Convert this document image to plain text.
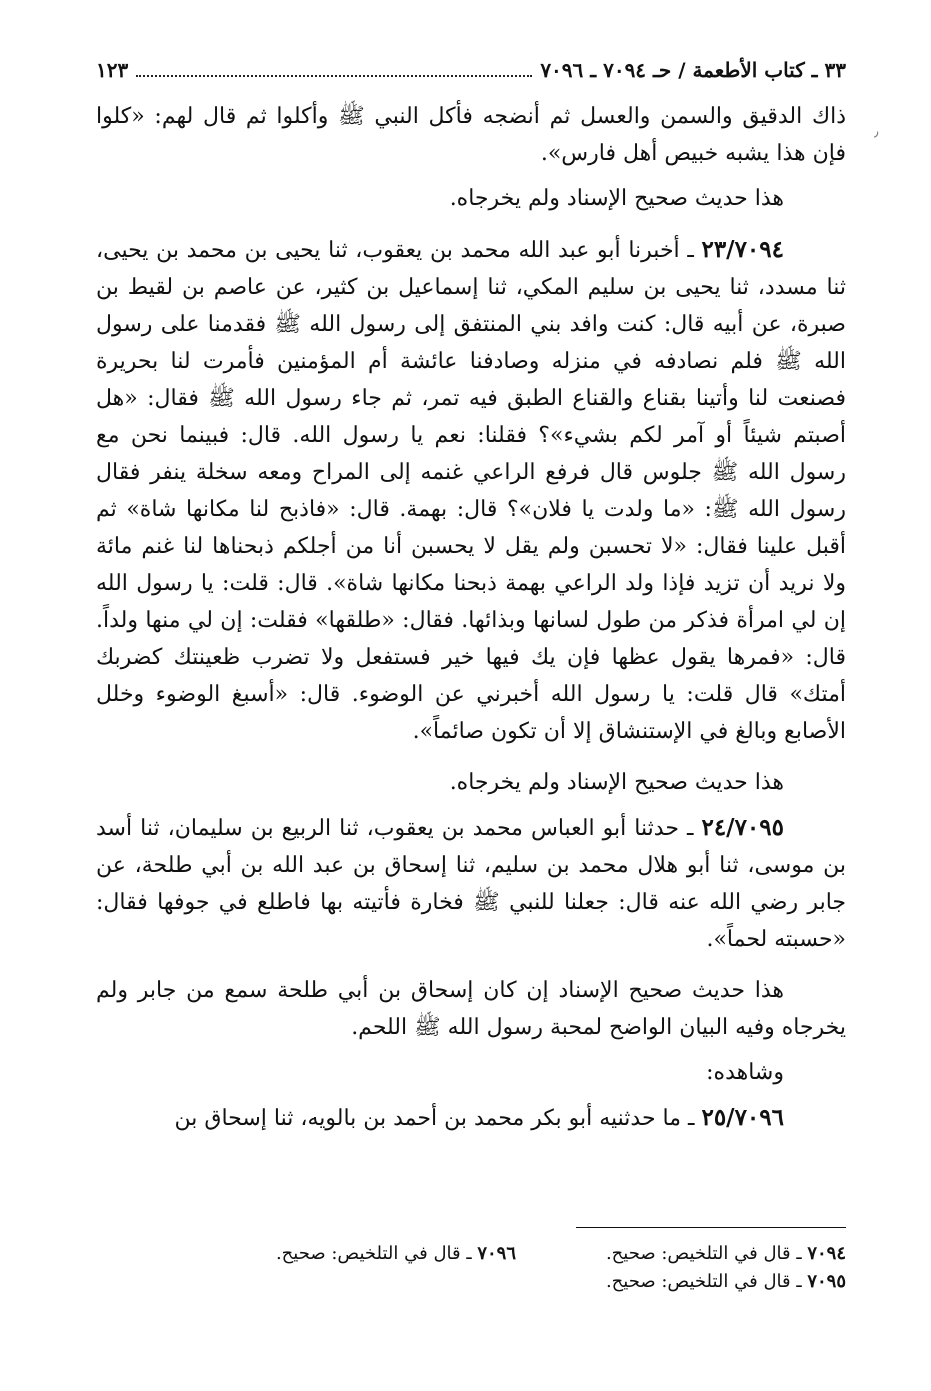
٫
٣٣ ـ كتاب الأطعمة / حـ ٧٠٩٤ ـ ٧٠٩٦
١٢٣

ذاك الدقيق والسمن والعسل ثم أنضجه فأكل النبي ﷺ وأكلوا ثم قال لهم: «كلوا فإن هذا يشبه خبيص أهل فارس».

هذا حديث صحيح الإسناد ولم يخرجاه.

٢٣/٧٠٩٤ ـ أخبرنا أبو عبد الله محمد بن يعقوب، ثنا يحيى بن محمد بن يحيى، ثنا مسدد، ثنا يحيى بن سليم المكي، ثنا إسماعيل بن كثير، عن عاصم بن لقيط بن صبرة، عن أبيه قال: كنت وافد بني المنتفق إلى رسول الله ﷺ فقدمنا على رسول الله ﷺ فلم نصادفه في منزله وصادفنا عائشة أم المؤمنين فأمرت لنا بحريرة فصنعت لنا وأتينا بقناع والقناع الطبق فيه تمر، ثم جاء رسول الله ﷺ فقال: «هل أصبتم شيئاً أو آمر لكم بشيء»؟ فقلنا: نعم يا رسول الله. قال: فبينما نحن مع رسول الله ﷺ جلوس قال فرفع الراعي غنمه إلى المراح ومعه سخلة ينفر فقال رسول الله ﷺ: «ما ولدت يا فلان»؟ قال: بهمة. قال: «فاذبح لنا مكانها شاة» ثم أقبل علينا فقال: «لا تحسبن ولم يقل لا يحسبن أنا من أجلكم ذبحناها لنا غنم مائة ولا نريد أن تزيد فإذا ولد الراعي بهمة ذبحنا مكانها شاة». قال: قلت: يا رسول الله إن لي امرأة فذكر من طول لسانها وبذائها. فقال: «طلقها» فقلت: إن لي منها ولداً. قال: «فمرها يقول عظها فإن يك فيها خير فستفعل ولا تضرب ظعينتك كضربك أمتك» قال قلت: يا رسول الله أخبرني عن الوضوء. قال: «أسبغ الوضوء وخلل الأصابع وبالغ في الإستنشاق إلا أن تكون صائماً».

هذا حديث صحيح الإسناد ولم يخرجاه.

٢٤/٧٠٩٥ ـ حدثنا أبو العباس محمد بن يعقوب، ثنا الربيع بن سليمان، ثنا أسد بن موسى، ثنا أبو هلال محمد بن سليم، ثنا إسحاق بن عبد الله بن أبي طلحة، عن جابر رضي الله عنه قال: جعلنا للنبي ﷺ فخارة فأتيته بها فاطلع في جوفها فقال: «حسبته لحماً».

هذا حديث صحيح الإسناد إن كان إسحاق بن أبي طلحة سمع من جابر ولم يخرجاه وفيه البيان الواضح لمحبة رسول الله ﷺ اللحم.

وشاهده:

٢٥/٧٠٩٦ ـ ما حدثنيه أبو بكر محمد بن أحمد بن بالويه، ثنا إسحاق بن

٧٠٩٤ ـ قال في التلخيص: صحيح.
٧٠٩٦ ـ قال في التلخيص: صحيح.
٧٠٩٥ ـ قال في التلخيص: صحيح.
